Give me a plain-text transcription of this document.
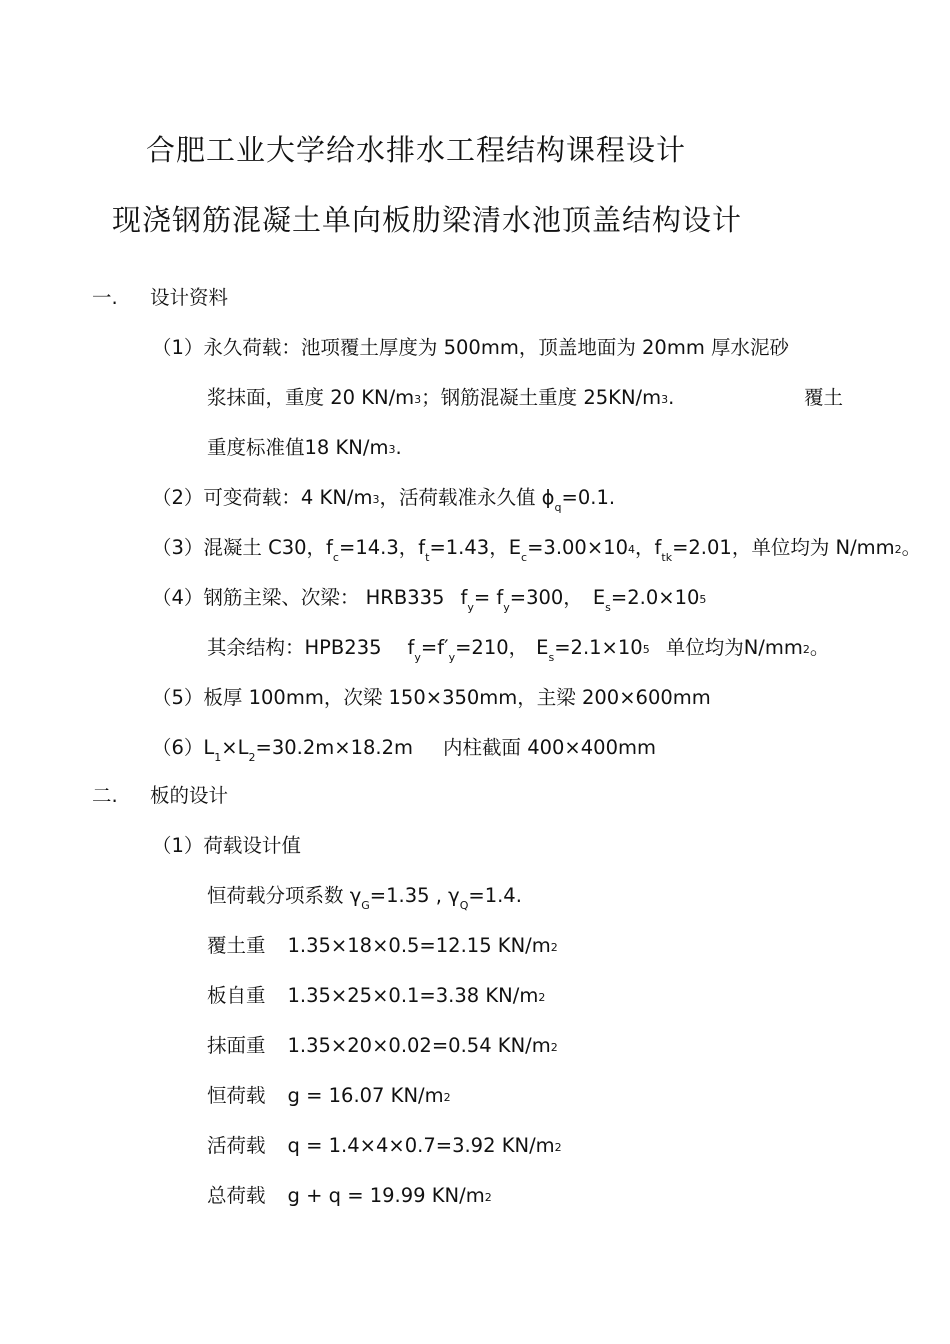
合肥工业大学给水排水工程结构课程设计
现浇钢筋混凝土单向板肋梁清水池顶盖结构设计
一. 设计资料
（1）永久荷载：池项覆土厚度为 500mm，顶盖地面为 20mm 厚水泥砂
浆抹面，重度 20 $KN/m^3$；钢筋混凝土重度 $25KN/m^3$.	覆土
重度标准值18 $KN/m^3$.
（2）可变荷载：4 $KN/m^3$，活荷载准永久值 $\phi_q=0.1$.
（3）混凝土 C30，$f_c=14.3$，$f_t=1.43$，$E_c=3.00\times 10^4$，$f_{tk}=2.01$，单位均为 $N/mm^2$。
（4）钢筋主梁、次梁： HRB335 $f_y= f_y=300$， $E_s=2.0\times 10^5$
其余结构：HPB235 $f_y=f'_y=210$， $E_s=2.1\times 10^5$ 单位均为$N/mm^2$。
（5）板厚 100mm，次梁 150×350mm，主梁 200×600mm
$(6)L_1\times L_2=30.2m\times 18.2m$ 内柱截面 400×400mm
二. 板的设计
（1）荷载设计值
恒荷载分项系数 $\gamma_G=1.35$ , $\gamma_Q=1.4$.
覆土重 1.35×18×0.5=12.15 $KN/m^2$
板自重 1.35×25×0.1=3.38 $KN/m^2$
抹面重 1.35×20×0.02=0.54 $KN/m^2$
恒荷载 g = 16.07 $KN/m^2$
活荷载 q = 1.4×4×0.7=3.92 $KN/m^2$
总荷载 g + q = 19.99 $KN/m^2$
